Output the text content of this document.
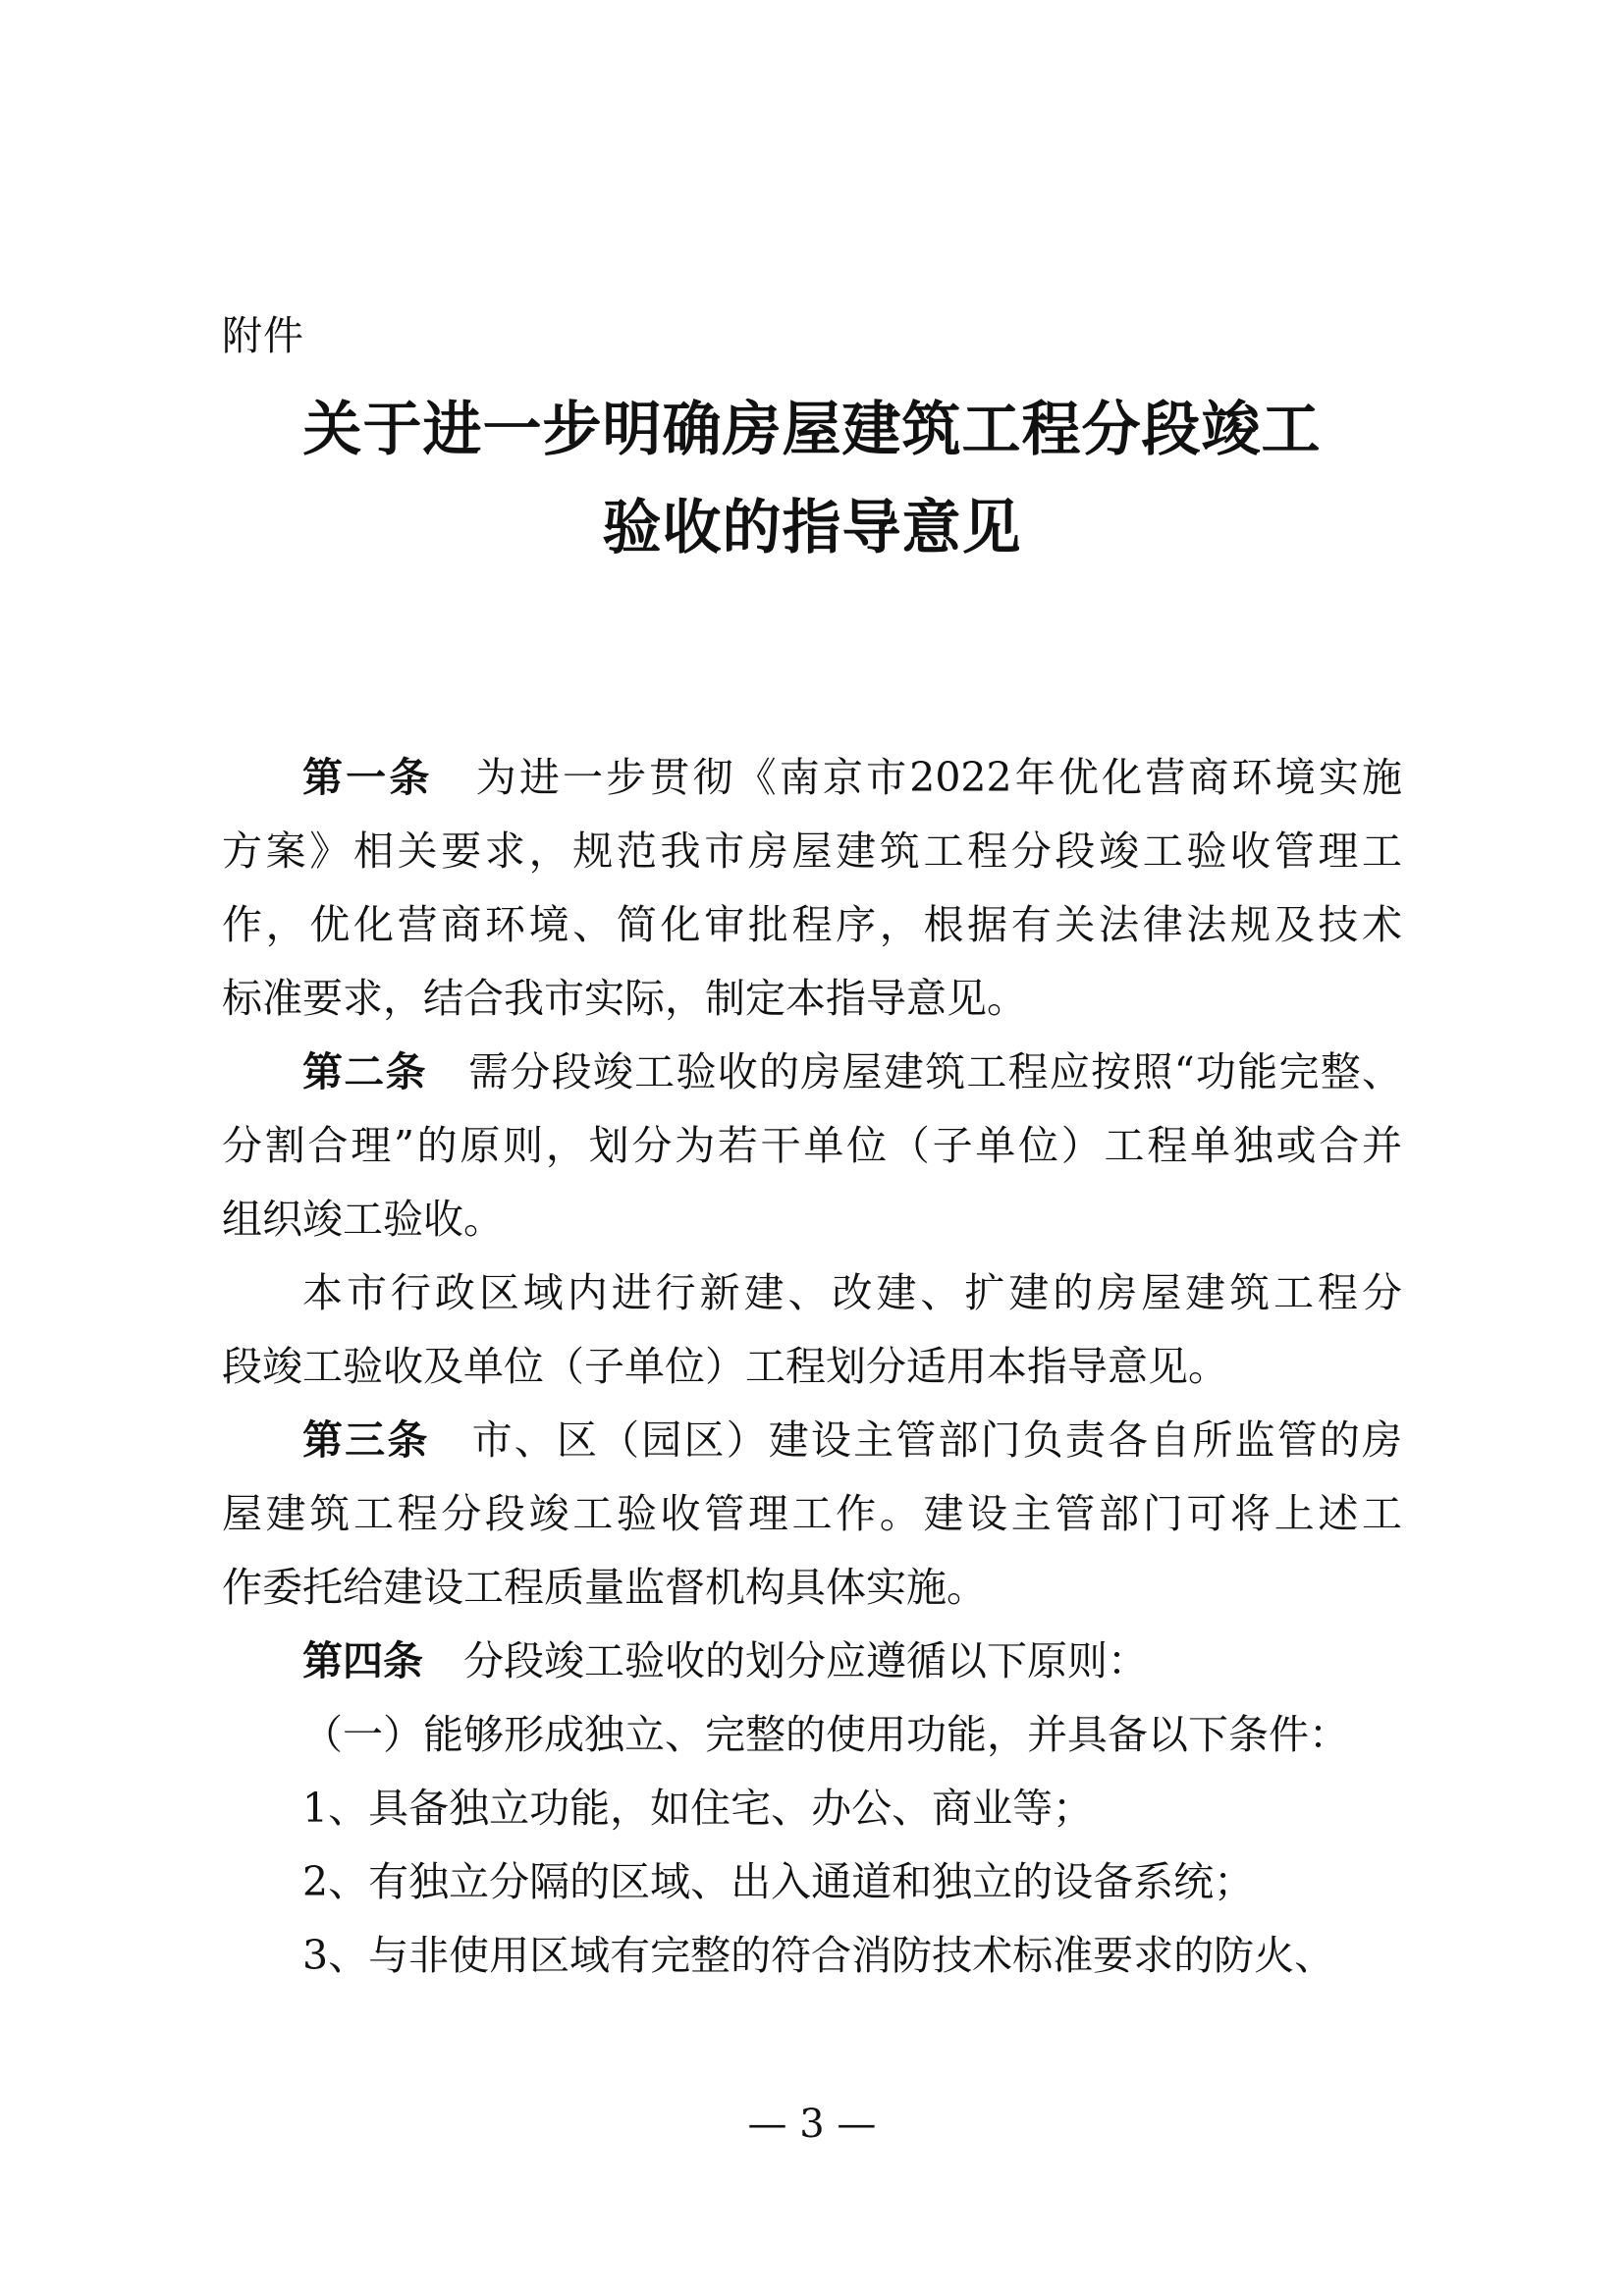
附件
关于进一步明确房屋建筑工程分段竣工
验收的指导意见
第一条　 为进一步贯彻《南京市2022年优化营商环境实施
方案》相关要求，规范我市房屋建筑工程分段竣工验收管理工
作，优化营商环境、简化审批程序，根据有关法律法规及技术
标准要求，结合我市实际，制定本指导意见。
第二条　 需分段竣工验收的房屋建筑工程应按照“功能完整、
分割合理”的原则，划分为若干单位（子单位）工程单独或合并
组织竣工验收。
本市行政区域内进行新建、改建、扩建的房屋建筑工程分
段竣工验收及单位（子单位）工程划分适用本指导意见。
第三条　 市、区（园区）建设主管部门负责各自所监管的房
屋建筑工程分段竣工验收管理工作。建设主管部门可将上述工
作委托给建设工程质量监督机构具体实施。
第四条　 分段竣工验收的划分应遵循以下原则：
（一）能够形成独立、完整的使用功能，并具备以下条件：
1、具备独立功能，如住宅、办公、商业等；
2、有独立分隔的区域、出入通道和独立的设备系统；
3、与非使用区域有完整的符合消防技术标准要求的防火、
— 3 —
